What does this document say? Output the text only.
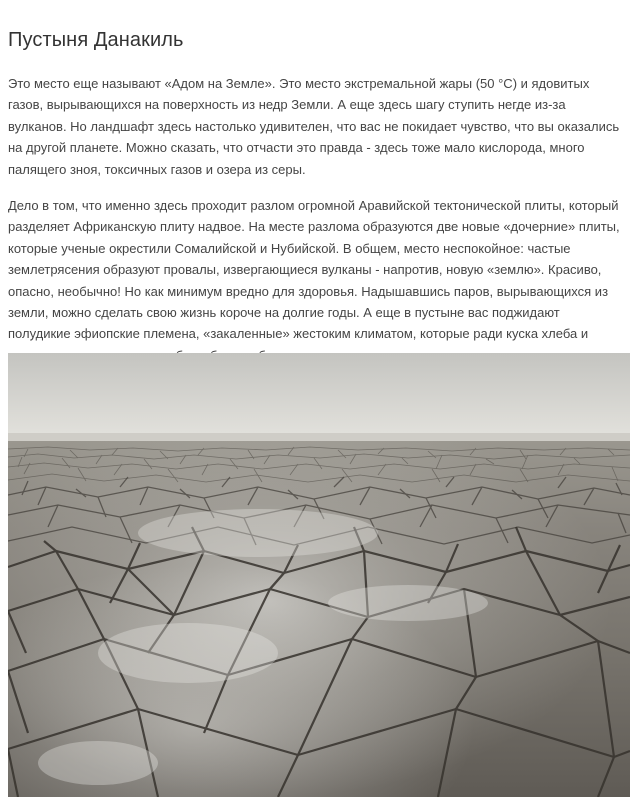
Пустыня Данакиль

Это место еще называют «Адом на Земле». Это место экстремальной жары (50 °С) и ядовитых газов, вырывающихся на поверхность из недр Земли. А еще здесь шагу ступить негде из-за вулканов. Но ландшафт здесь настолько удивителен, что вас не покидает чувство, что вы оказались на другой планете. Можно сказать, что отчасти это правда - здесь тоже мало кислорода, много палящего зноя, токсичных газов и озера из серы.

Дело в том, что именно здесь проходит разлом огромной Аравийской тектонической плиты, который разделяет Африканскую плиту надвое. На месте разлома образуются две новые «дочерние» плиты, которые ученые окрестили Сомалийской и Нубийской. В общем, место неспокойное: частые землетрясения образуют провалы, извергающиеся вулканы - напротив, новую «землю». Красиво, опасно, необычно! Но как минимум вредно для здоровья. Надышавшись паров, вырывающихся из земли, можно сделать свою жизнь короче на долгие годы. А еще в пустыне вас поджидают полудикие эфиопские племена, «закаленные» жестоким климатом, которые ради куска хлеба и
